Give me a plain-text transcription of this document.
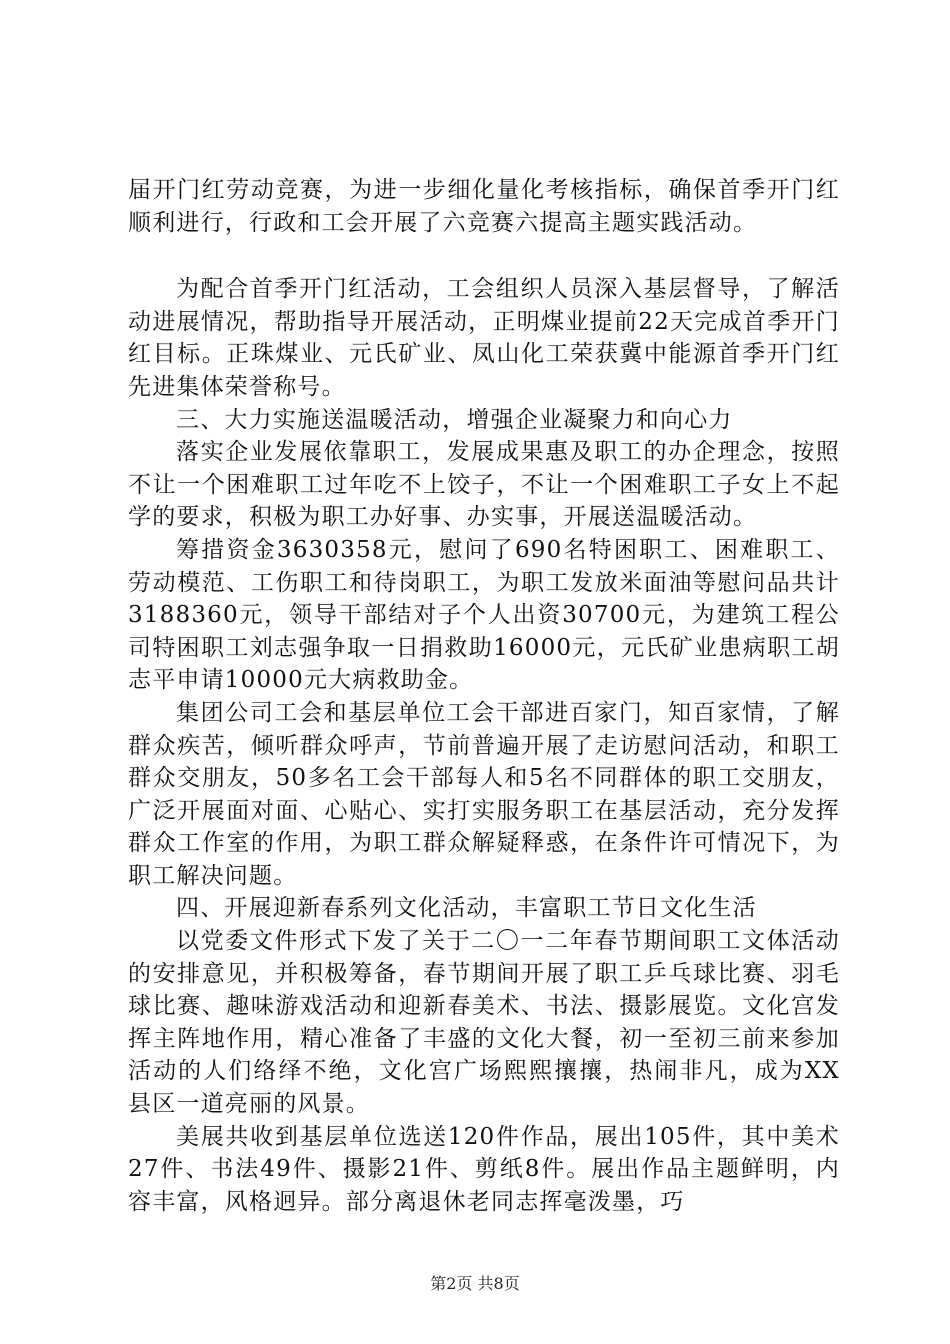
届开门红劳动竞赛，为进一步细化量化考核指标，确保首季开门红顺利进行，行政和工会开展了六竞赛六提高主题实践活动。

为配合首季开门红活动，工会组织人员深入基层督导，了解活动进展情况，帮助指导开展活动，正明煤业提前22天完成首季开门红目标。正珠煤业、元氏矿业、凤山化工荣获冀中能源首季开门红先进集体荣誉称号。

三、大力实施送温暖活动，增强企业凝聚力和向心力

落实企业发展依靠职工，发展成果惠及职工的办企理念，按照不让一个困难职工过年吃不上饺子，不让一个困难职工子女上不起学的要求，积极为职工办好事、办实事，开展送温暖活动。

筹措资金3630358元，慰问了690名特困职工、困难职工、劳动模范、工伤职工和待岗职工，为职工发放米面油等慰问品共计3188360元，领导干部结对子个人出资30700元，为建筑工程公司特困职工刘志强争取一日捐救助16000元，元氏矿业患病职工胡志平申请10000元大病救助金。

集团公司工会和基层单位工会干部进百家门，知百家情，了解群众疾苦，倾听群众呼声，节前普遍开展了走访慰问活动，和职工群众交朋友，50多名工会干部每人和5名不同群体的职工交朋友，广泛开展面对面、心贴心、实打实服务职工在基层活动，充分发挥群众工作室的作用，为职工群众解疑释惑，在条件许可情况下，为职工解决问题。

四、开展迎新春系列文化活动，丰富职工节日文化生活

以党委文件形式下发了关于二〇一二年春节期间职工文体活动的安排意见，并积极筹备，春节期间开展了职工乒乓球比赛、羽毛球比赛、趣味游戏活动和迎新春美术、书法、摄影展览。文化宫发挥主阵地作用，精心准备了丰盛的文化大餐，初一至初三前来参加活动的人们络绎不绝，文化宫广场熙熙攘攘，热闹非凡，成为XX县区一道亮丽的风景。

美展共收到基层单位选送120件作品，展出105件，其中美术27件、书法49件、摄影21件、剪纸8件。展出作品主题鲜明，内容丰富，风格迥异。部分离退休老同志挥毫泼墨，巧

第2页 共8页
